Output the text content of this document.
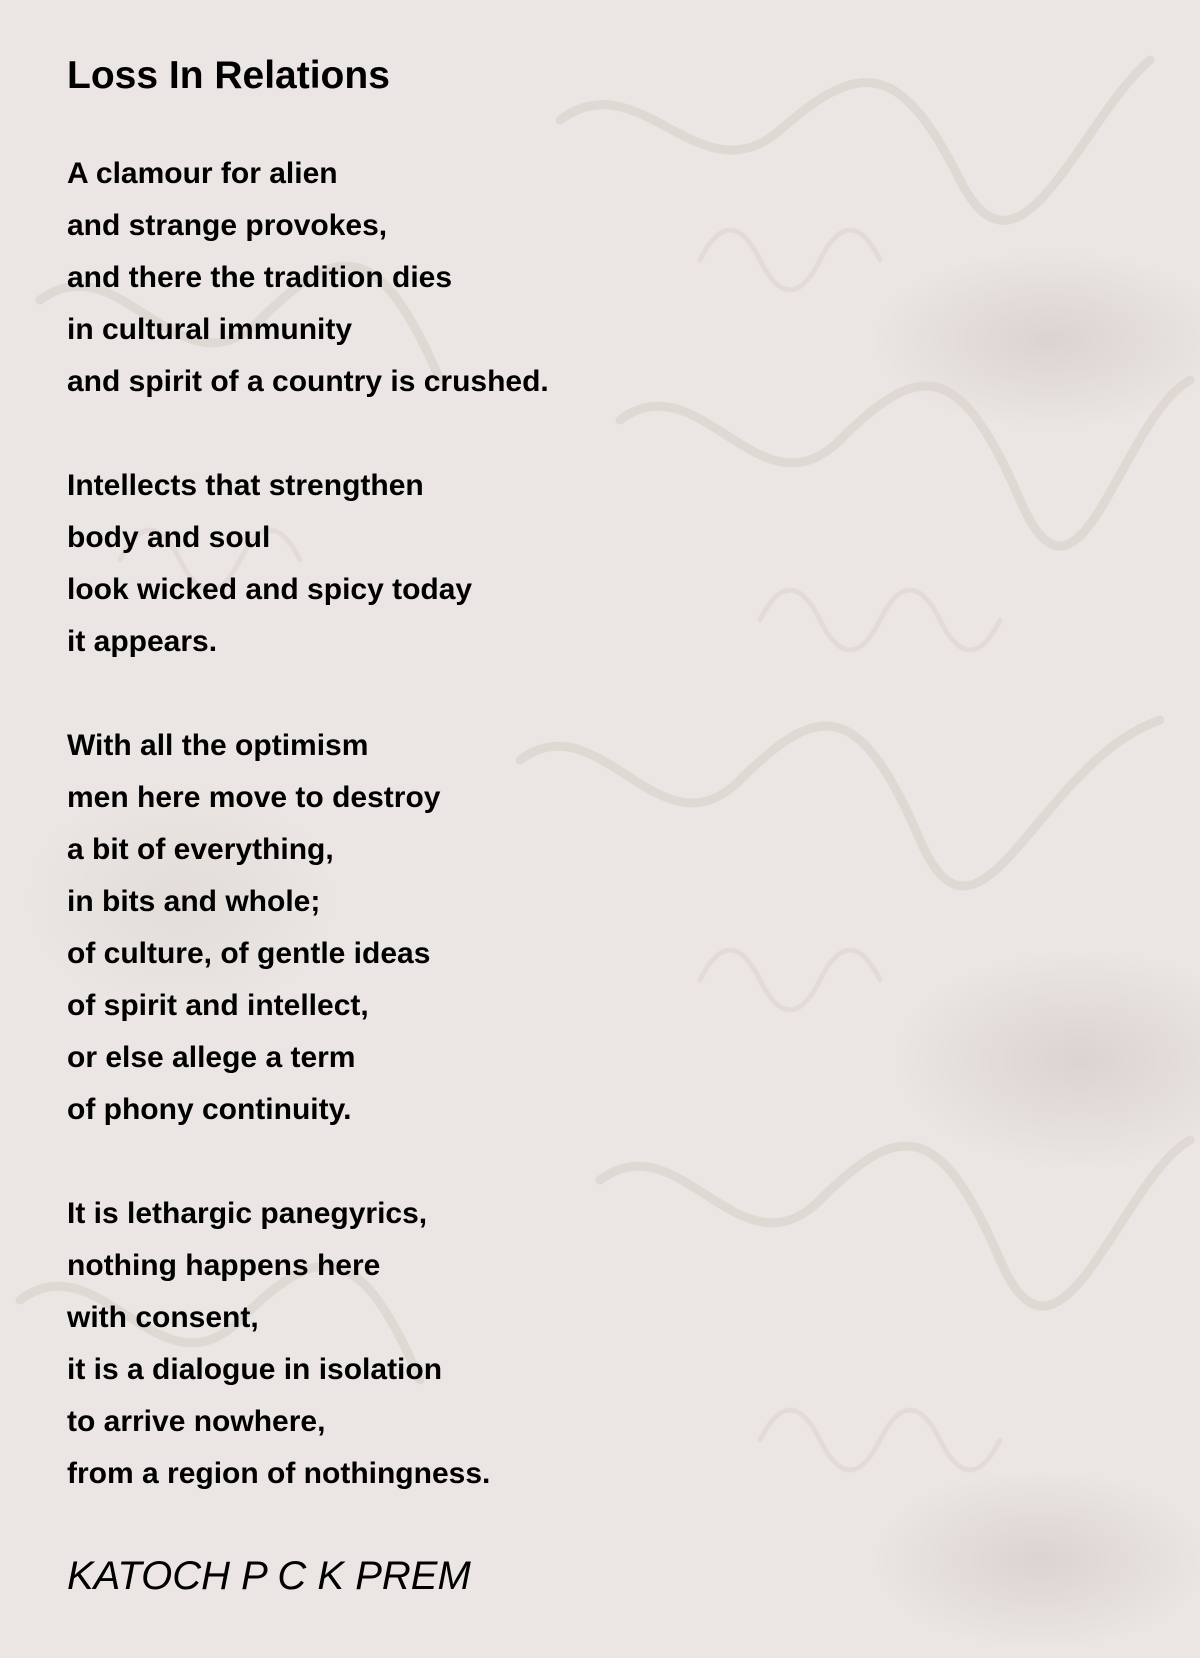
Loss In Relations
A clamour for alien
and strange provokes,
and there the tradition dies
in cultural immunity
and spirit of a country is crushed.
Intellects that strengthen
body and soul
look wicked and spicy today
it appears.
With all the optimism
men here move to destroy
a bit of everything,
in bits and whole;
of culture, of gentle ideas
of spirit and intellect,
or else allege a term
of phony continuity.
It is lethargic panegyrics,
nothing happens here
with consent,
it is a dialogue in isolation
to arrive nowhere,
from a region of nothingness.
KATOCH P C K PREM
